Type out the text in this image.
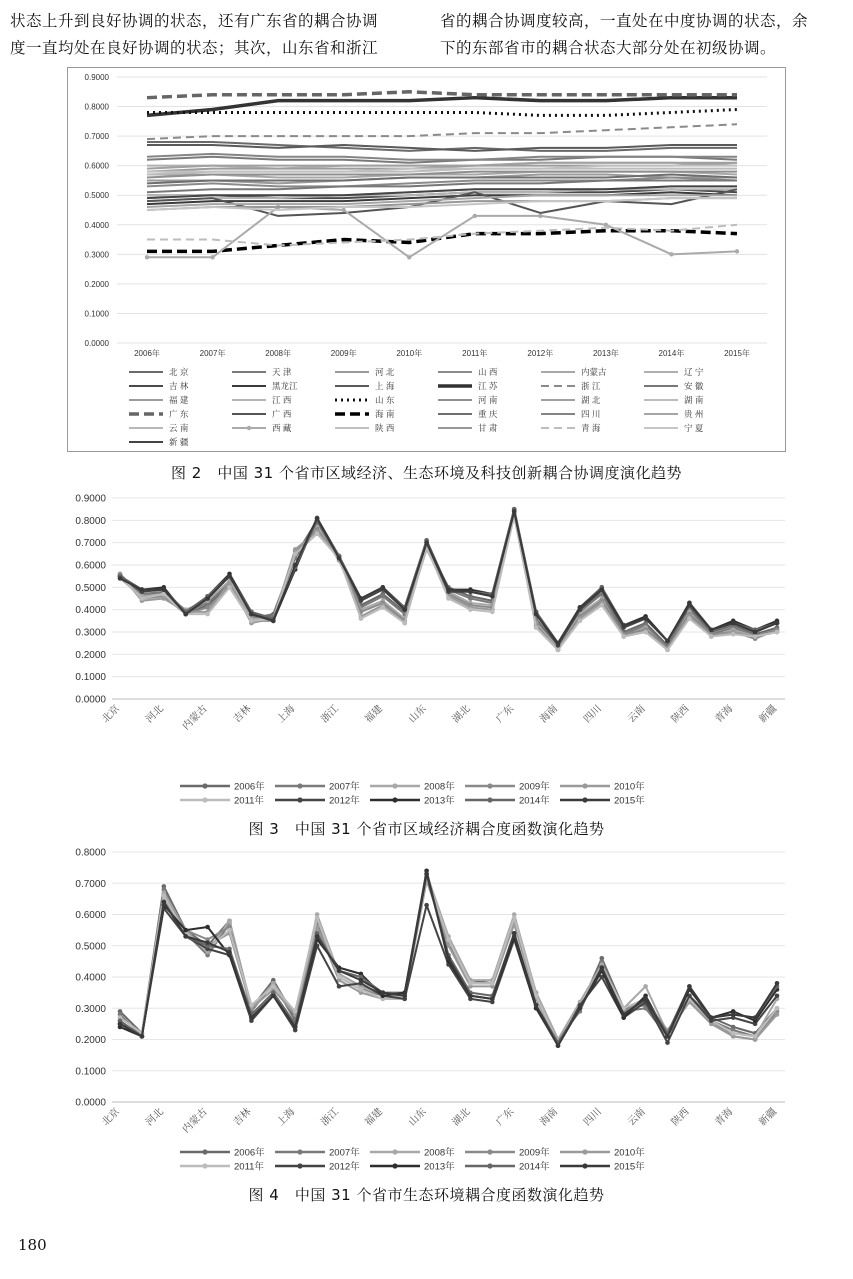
状态上升到良好协调的状态，还有广东省的耦合协调
度一直均处在良好协调的状态；其次，山东省和浙江
省的耦合协调度较高，一直处在中度协调的状态，余
下的东部省市的耦合状态大部分处在初级协调。
0.0000
0.1000
0.2000
0.3000
0.4000
0.5000
0.6000
0.7000
0.8000
0.9000
2006年	2007年	2008年	2009年	2010年	2011年	2012年	2013年	2014年	2015年
北 京	天 津	河 北	山 西	内蒙古	辽 宁
吉 林	黑龙江	上 海	江 苏	浙 江	安 徽
福 建	江 西	山 东	河 南	湖 北	湖 南
广 东	广 西	海 南	重 庆	四 川	贵 州
云 南	西 藏	陕 西	甘 肃	青 海	宁 夏
新 疆
图 2　中国 31 个省市区域经济、生态环境及科技创新耦合协调度演化趋势
0.0000
0.1000
0.2000
0.3000
0.4000
0.5000
0.6000
0.7000
0.8000
0.9000
北京 河北 内蒙古 吉林 上海 浙江 福建 山东 湖北 广东 海南 四川 云南 陕西 青海 新疆
2006年	2007年	2008年	2009年	2010年
2011年	2012年	2013年	2014年	2015年
图 3　中国 31 个省市区域经济耦合度函数演化趋势
0.0000
0.1000
0.2000
0.3000
0.4000
0.5000
0.6000
0.7000
0.8000
北京 河北 内蒙古 吉林 上海 浙江 福建 山东 湖北 广东 海南 四川 云南 陕西 青海 新疆
2006年	2007年	2008年	2009年	2010年
2011年	2012年	2013年	2014年	2015年
图 4　中国 31 个省市生态环境耦合度函数演化趋势
180
